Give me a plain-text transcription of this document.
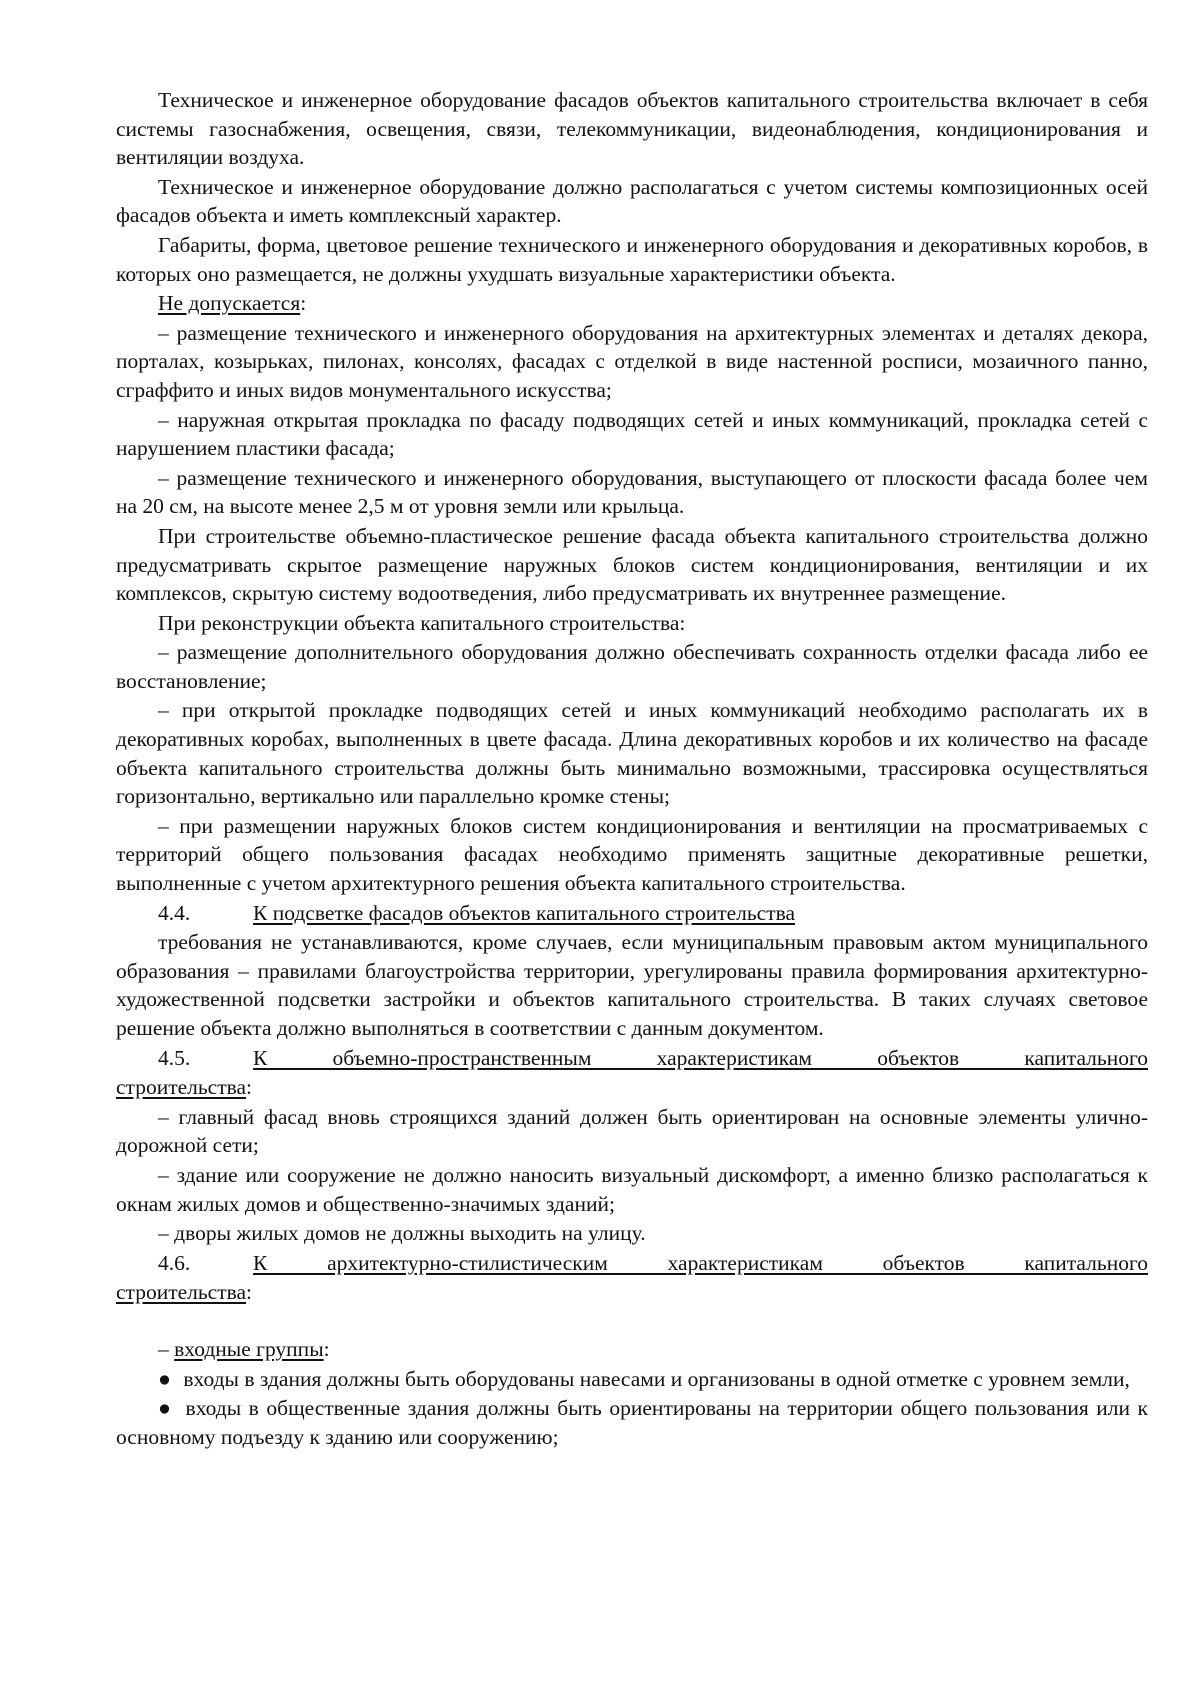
Техническое и инженерное оборудование фасадов объектов капитального строительства включает в себя системы газоснабжения, освещения, связи, телекоммуникации, видеонаблюдения, кондиционирования и вентиляции воздуха.

Техническое и инженерное оборудование должно располагаться с учетом системы композиционных осей фасадов объекта и иметь комплексный характер.

Габариты, форма, цветовое решение технического и инженерного оборудования и декоративных коробов, в которых оно размещается, не должны ухудшать визуальные характеристики объекта.

Не допускается:

– размещение технического и инженерного оборудования на архитектурных элементах и деталях декора, порталах, козырьках, пилонах, консолях, фасадах с отделкой в виде настенной росписи, мозаичного панно, сграффито и иных видов монументального искусства;

– наружная открытая прокладка по фасаду подводящих сетей и иных коммуникаций, прокладка сетей с нарушением пластики фасада;

– размещение технического и инженерного оборудования, выступающего от плоскости фасада более чем на 20 см, на высоте менее 2,5 м от уровня земли или крыльца.

При строительстве объемно-пластическое решение фасада объекта капитального строительства должно предусматривать скрытое размещение наружных блоков систем кондиционирования, вентиляции и их комплексов, скрытую систему водоотведения, либо предусматривать их внутреннее размещение.

При реконструкции объекта капитального строительства:

– размещение дополнительного оборудования должно обеспечивать сохранность отделки фасада либо ее восстановление;

– при открытой прокладке подводящих сетей и иных коммуникаций необходимо располагать их в декоративных коробах, выполненных в цвете фасада. Длина декоративных коробов и их количество на фасаде объекта капитального строительства должны быть минимально возможными, трассировка осуществляться горизонтально, вертикально или параллельно кромке стены;

– при размещении наружных блоков систем кондиционирования и вентиляции на просматриваемых с территорий общего пользования фасадах необходимо применять защитные декоративные решетки, выполненные с учетом архитектурного решения объекта капитального строительства.

4.4.	К подсветке фасадов объектов капитального строительства

требования не устанавливаются, кроме случаев, если муниципальным правовым актом муниципального образования – правилами благоустройства территории, урегулированы правила формирования архитектурно-художественной подсветки застройки и объектов капитального строительства. В таких случаях световое решение объекта должно выполняться в соответствии с данным документом.

4.5.	К объемно-пространственным характеристикам объектов капитального

строительства:

– главный фасад вновь строящихся зданий должен быть ориентирован на основные элементы улично-дорожной сети;

– здание или сооружение не должно наносить визуальный дискомфорт, а именно близко располагаться к окнам жилых домов и общественно-значимых зданий;

– дворы жилых домов не должны выходить на улицу.

4.6.	К архитектурно-стилистическим характеристикам объектов капитального

строительства:

– входные группы:

● входы в здания должны быть оборудованы навесами и организованы в одной отметке с уровнем земли,

● входы в общественные здания должны быть ориентированы на территории общего пользования или к основному подъезду к зданию или сооружению;
